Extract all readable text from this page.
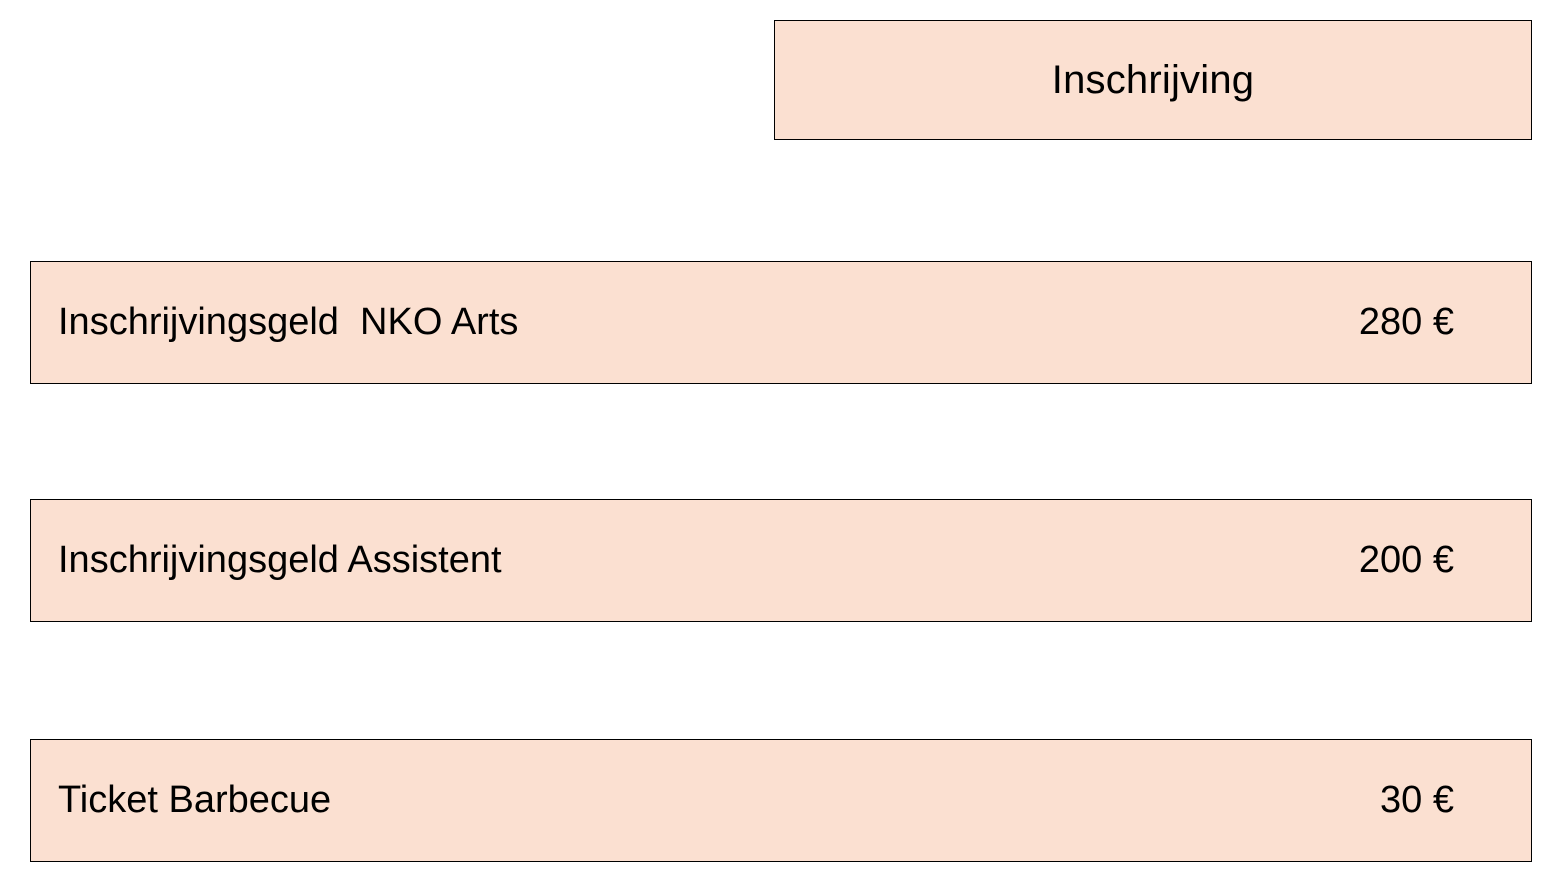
Inschrijving
Inschrijvingsgeld  NKO Arts	280 €
Inschrijvingsgeld Assistent	200 €
Ticket Barbecue	30 €
